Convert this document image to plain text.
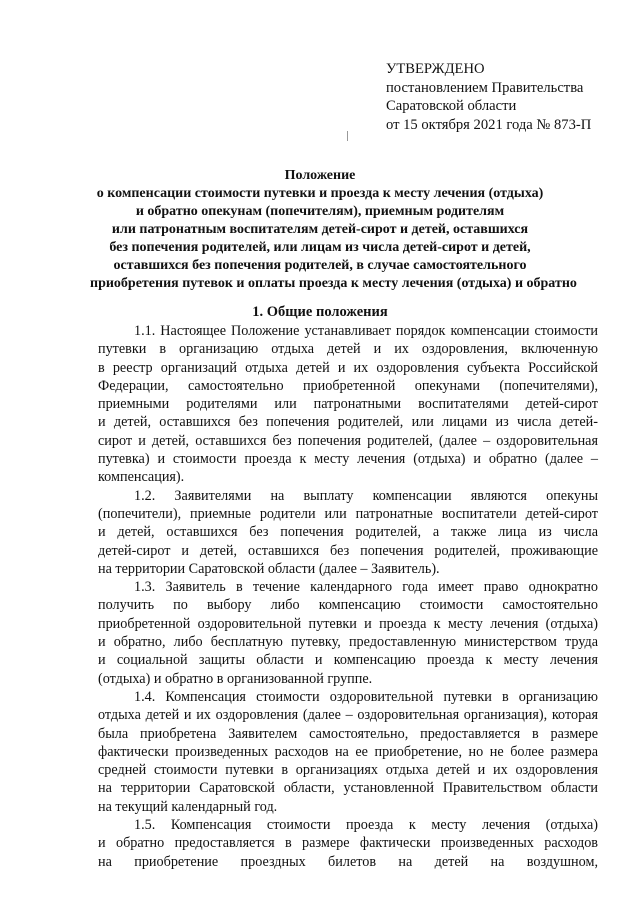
УТВЕРЖДЕНО
постановлением Правительства
Саратовской области
от 15 октября 2021 года № 873-П
Положение
о компенсации стоимости путевки и проезда к месту лечения (отдыха)
и обратно опекунам (попечителям), приемным родителям
или патронатным воспитателям детей-сирот и детей, оставшихся
без попечения родителей, или лицам из числа детей-сирот и детей,
оставшихся без попечения родителей, в случае самостоятельного
приобретения путевок и оплаты проезда к месту лечения (отдыха) и обратно
1. Общие положения
1.1. Настоящее Положение устанавливает порядок компенсации стоимости
путевки в организацию отдыха детей и их оздоровления, включенную
в реестр организаций отдыха детей и их оздоровления субъекта Российской
Федерации, самостоятельно приобретенной опекунами (попечителями),
приемными родителями или патронатными воспитателями детей-сирот
и детей, оставшихся без попечения родителей, или лицами из числа детей-
сирот и детей, оставшихся без попечения родителей, (далее – оздоровительная
путевка) и стоимости проезда к месту лечения (отдыха) и обратно (далее –
компенсация).
1.2. Заявителями на выплату компенсации являются опекуны
(попечители), приемные родители или патронатные воспитатели детей-сирот
и детей, оставшихся без попечения родителей, а также лица из числа
детей-сирот и детей, оставшихся без попечения родителей, проживающие
на территории Саратовской области (далее – Заявитель).
1.3. Заявитель в течение календарного года имеет право однократно
получить по выбору либо компенсацию стоимости самостоятельно
приобретенной оздоровительной путевки и проезда к месту лечения (отдыха)
и обратно, либо бесплатную путевку, предоставленную министерством труда
и социальной защиты области и компенсацию проезда к месту лечения
(отдыха) и обратно в организованной группе.
1.4. Компенсация стоимости оздоровительной путевки в организацию
отдыха детей и их оздоровления (далее – оздоровительная организация), которая
была приобретена Заявителем самостоятельно, предоставляется в размере
фактически произведенных расходов на ее приобретение, но не более размера
средней стоимости путевки в организациях отдыха детей и их оздоровления
на территории Саратовской области, установленной Правительством области
на текущий календарный год.
1.5. Компенсация стоимости проезда к месту лечения (отдыха)
и обратно предоставляется в размере фактически произведенных расходов
на приобретение проездных билетов на детей на воздушном,
